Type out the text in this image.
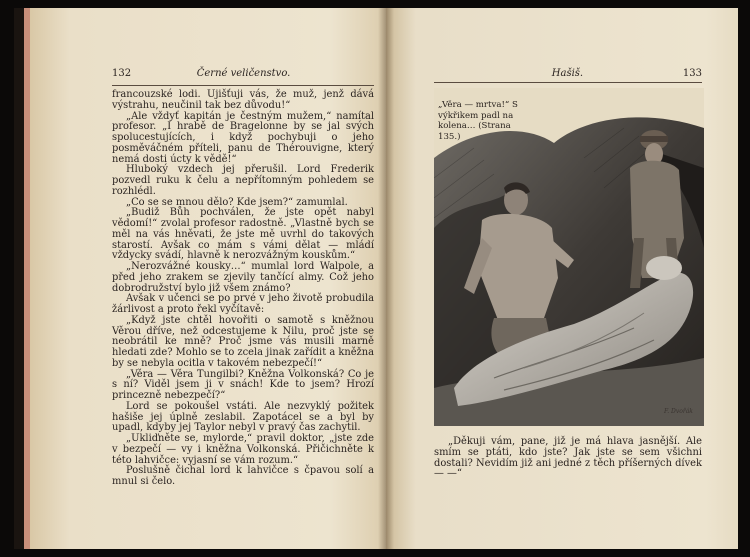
132	Černé veličenstvo.

francouzské lodi. Ujišťuji vás, že muž, jenž dává výstrahu, neučinil tak bez důvodu!“

„Ale vždyť kapitán je čestným mužem,“ namítal profesor. „I hrabě de Bragelonne by se jal svých spolucestujících, i když pochybuji o jeho posměváčném příteli, panu de Thérouvigne, který nemá dosti úcty k vědě!“

Hluboký vzdech jej přerušil. Lord Frederik pozvedl ruku k čelu a nepřítomným pohledem se rozhlédl.

„Co se se mnou dělo? Kde jsem?“ zamumlal.

„Budiž Bůh pochválen, že jste opět nabyl vědomí!“ zvolal profesor radostně. „Vlastně bych se měl na vás hněvati, že jste mě uvrhl do takových starostí. Avšak co mám s vámi dělat — mládí vždycky svádí, hlavně k nerozvážným kouskům.“

„Nerozvážné kousky…“ mumlal lord Walpole, a před jeho zrakem se zjevily tančící almy. Což jeho dobrodružství bylo již všem známo?

Avšak v učenci se po prvé v jeho životě probudila žárlivost a proto řekl vyčítavě:

„Když jste chtěl hovořiti o samotě s kněžnou Věrou dříve, než odcestujeme k Nilu, proč jste se neobrátil ke mně? Proč jsme vás musili marně hledati zde? Mohlo se to zcela jinak zařídit a kněžna by se nebyla ocitla v takovém nebezpečí!“

„Věra — Věra Tungilbi? Kněžna Volkonská? Co je s ní? Viděl jsem ji v snách! Kde to jsem? Hrozí princezně nebezpečí?“

Lord se pokoušel vstáti. Ale nezvyklý požitek hašiše jej úplně zeslabil. Zapotácel se a byl by upadl, kdyby jej Taylor nebyl v pravý čas zachytil.

„Ukliďněte se, mylorde,“ pravil doktor, „jste zde v bezpečí — vy i kněžna Volkonská. Přičichněte k této lahvičce: vyjasní se vám rozum.“

Poslušně čichal lord k lahvičce s čpavou solí a mnul si čelo.

Hašiš.	133
„Věra — mrtva!“ S výkřikem padl na kolena… (Strana 135.)
F. Dvořák

„Děkuji vám, pane, již je má hlava jasnější. Ale smím se ptáti, kdo jste? Jak jste se sem všichni dostali? Nevidím již ani jedné z těch příšerných dívek — —“
